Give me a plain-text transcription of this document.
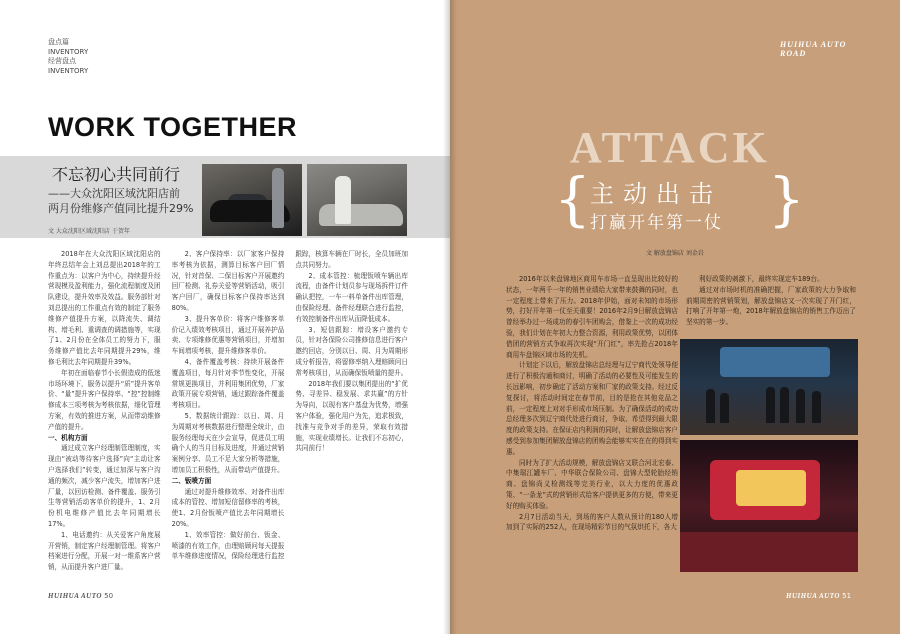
盘点篇
INVENTORY
经营盘点
INVENTORY
WORK TOGETHER
不忘初心共同前行
——大众沈阳区域沈阳店前
两月份维修产值同比提升29%
文 大众沈阳区域沈阳店 于贺年

2018年在大众沈阳区域沈阳店的年终总结年会上刘总提出2018年的工作重点为：以客户为中心，持续提升经营现模及盈利能力，强化流程制度及团队建设，提升效率及效益。服务部针对刘总提出的工作重点有效的制定了服务维修产值提升方案，以降流失、调结构、增毛利、重调查的调措施等，实现了1、2月份在全体员工的努力下，服务维修产值比去年同期提升29%，维修毛利比去年同期提升39%。

年初在面临春节小长假造成的低迷市场环境下，服务以提升“质”提升客单价、“量”提升客户保持率、“控”控制维修成本三项考核为考核依据，细化管理方案，有效的推进方案，从而带动维修产值的提升。

一、机构方面

通过成立客户经理制管理制度，实现由“被动等待客户选择”向“主动让客户选择我们”转变，通过加深与客户沟通的频次，减少客户流失，增加客户进厂量，以回访检测、备件覆盖、服务引生等营销活动客单价的提升，1、2月份机电维修产值比去年同期增长17%。

1、电话邀约：从关爱客户角度展开营销，制定客户经理制管理。将客户档案进行分配，开展一对一维系客户营销，从而提升客户进厂量。

2、客户保持率：以厂家客户保持率考核为依据，测算目标客户回厂情况，针对首保、二保目标客户开展邀约回厂检测、礼券关爱等营销活动，吸引客户回厂，确保目标客户保持率达到80%。

3、提升客单价：将客户维修客单价记入绩效考核项目，通过开展养护品卖、专项维修优惠等营销项目，并增加车间增项考核，提升维修客单价。

4、备件覆盖考核：持续开展备件覆盖项目，每月针对季节性变化，开展常规更换项目，并利用集团优势，厂家政策开展专项营销，通过跟踪备件覆盖考核项目。

5、数据统计跟踪：以日、周、月为周期对考核数据进行整理全统计，由服务经理每天在少会宣导，促进员工明确个人的当月目标及进度，并通过营销案例分享、员工不足大家分析等措施，增加员工积极性，从而带动产值提升。

二、钣喷方面

通过对提升维修效率、对备件出库成本的管控、增加短信留修率的考核，使1、2月份钣喷产值比去年同期增长20%。

1、效率管控：做好前台、钣金、喷漆的有效工作，由理赔顾问每天提报单车维修进度情况，保险经理进行监控跟踪，核算车辆在厂时长，全员加班加点共同努力。

2、成本管控：梳理钣喷车辆出库流程，由备件计划员参与现场拆件订件确认把控，一车一料单备件出库管理，由保险经理、备件经理联合进行监控，有效控制备件出库从而降低成本。

3、短信跟踪：增设客户邀约专员，针对各保险公司推修信息进行客户邀约回店，分别以日、周、月为周期形成分析报告，将留修率纳入理赔顾问日常考核项目，从而确保钣喷量的提升。

2018年我们要以集团提出的“扩优势、寻差异、稳发展、求共赢”的方针为导向，以现有客户基盘为优势，增强客户体验，强化用户为先，追求极致，找准与竞争对手的差异，荣取有效措施，实现业绩增长。让我们不忘初心，共同前行！

HUIHUA AUTO 50
HUIHUA AUTO
ROAD
ATTACK
{ 主动出击
打赢开年第一仗 }
文 解放盘锦店 刘金岩

2016年以来盘锦地区商用车市场一直呈现出比较好的状态，一年两千一年的销售业绩给大家带来鼓舞的同时，也一定程度上带来了压力。2018年伊始，面对未知的市场形势，打好开年第一仗至关重要！2016年2月9日解放盘锦店曾经举办过一场成功的春引车团购会，借鉴上一次的成功经验，我们计划在年初大力整合资源，利用政策优势，以团体借团的营销方式争取再次实现“开门红”，率先抢占2018年商用车盘锦区域市场的先机。

计划定下以后，解放盘锦店总经理与辽宁商代处领导便进行了积极沟通和商讨，明确了活动的必要性及可能发生的长远影响，初步确定了活动方案和厂家的政策支持。经过反复探讨，将活动时间定在春节前，目的是抢在其他竞品之前，一定程度上对对手形成市场压制。为了确保活动的成功总经理多次到辽宁商代处进行商讨，争取、希望得到最大限度的政策支持。在保证店内利润的同时，让解放盘锦店客户感受到参加集团解放盘锦店的团购会能够实实在在的得到实惠。

同时为了扩大活动规模，解放盘锦店又联合河北宏泰、中集瑞江罐车厂、中华联合保险公司、盘锦大型轮胎经销商、盘锦尚义检测线等完美行业，以大力度的优惠政策、“一条龙”式的营销形式给客户提供更多的方便，带来更好的购买体验。

2月7日活动当天，到场的客户人数从预计的180人增加到了实际的252人，在现场精彩节目的气氛烘托下，各大

利好政策的刺激下，最终实现定车189台。

通过对市场时机的准确把握，厂家政策的大力争取和前期周密的营销策划，解放盘锦店又一次实现了开门红，打响了开年第一炮，2018年解放盘锦店的销售工作迈出了坚实的第一步。

HUIHUA AUTO 51
